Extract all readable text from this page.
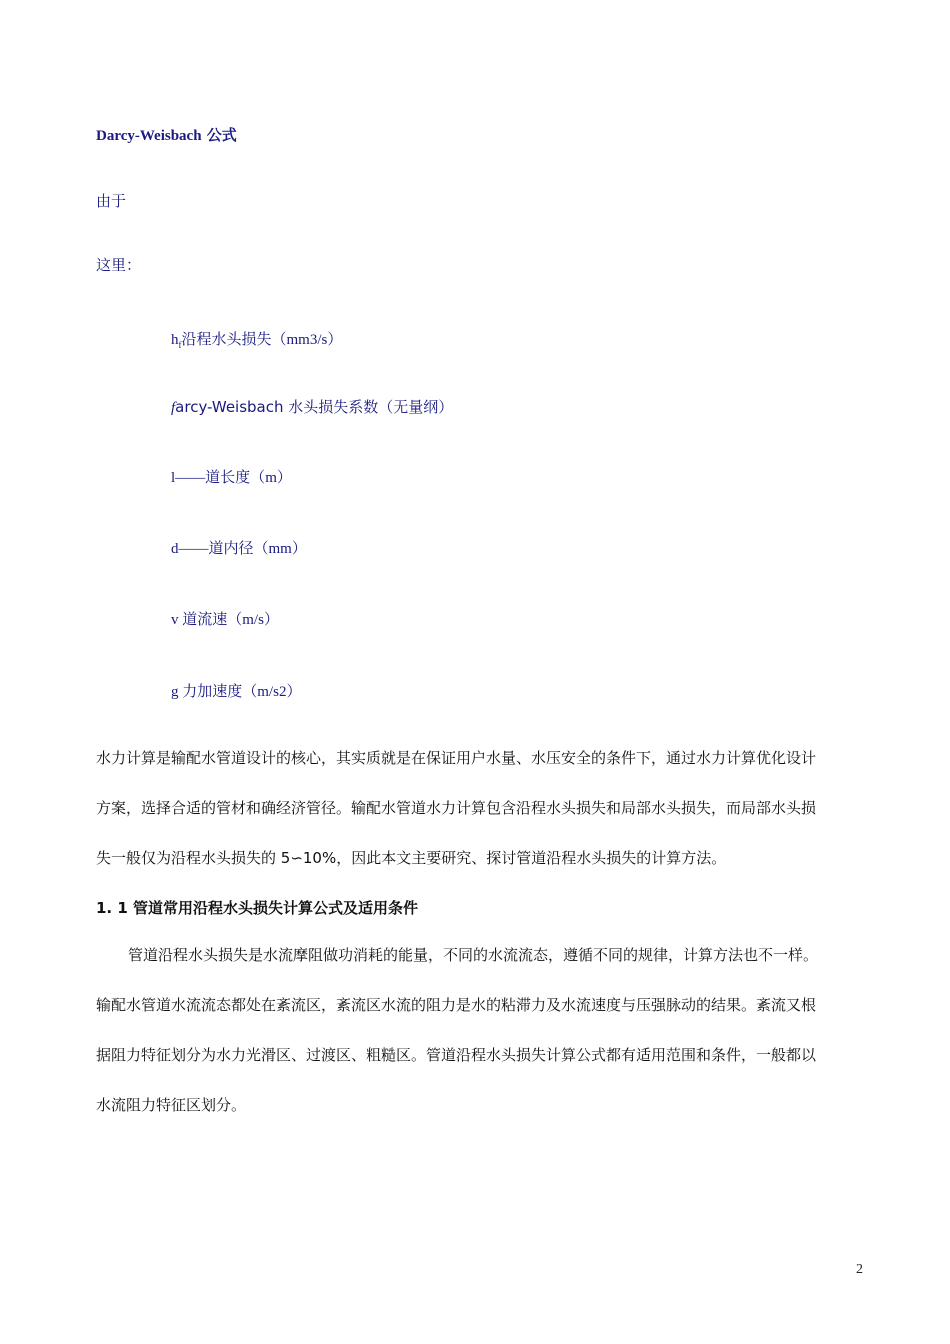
Darcy-Weisbach 公式
由于
这里：
$h_f$沿程水头损失（mm3/s）
farcy-Weisbach 水头损失系数（无量纲）
l——道长度（m）
d——道内径（mm）
v 道流速（m/s）
g 力加速度（m/s2）
水力计算是输配水管道设计的核心，其实质就是在保证用户水量、水压安全的条件下，通过水力计算优化设计
方案，选择合适的管材和确经济管径。输配水管道水力计算包含沿程水头损失和局部水头损失，而局部水头损
失一般仅为沿程水头损失的 5∽10%，因此本文主要研究、探讨管道沿程水头损失的计算方法。
1. 1 管道常用沿程水头损失计算公式及适用条件
管道沿程水头损失是水流摩阻做功消耗的能量，不同的水流流态，遵循不同的规律，计算方法也不一样。
输配水管道水流流态都处在紊流区，紊流区水流的阻力是水的粘滞力及水流速度与压强脉动的结果。紊流又根
据阻力特征划分为水力光滑区、过渡区、粗糙区。管道沿程水头损失计算公式都有适用范围和条件，一般都以
水流阻力特征区划分。
2
